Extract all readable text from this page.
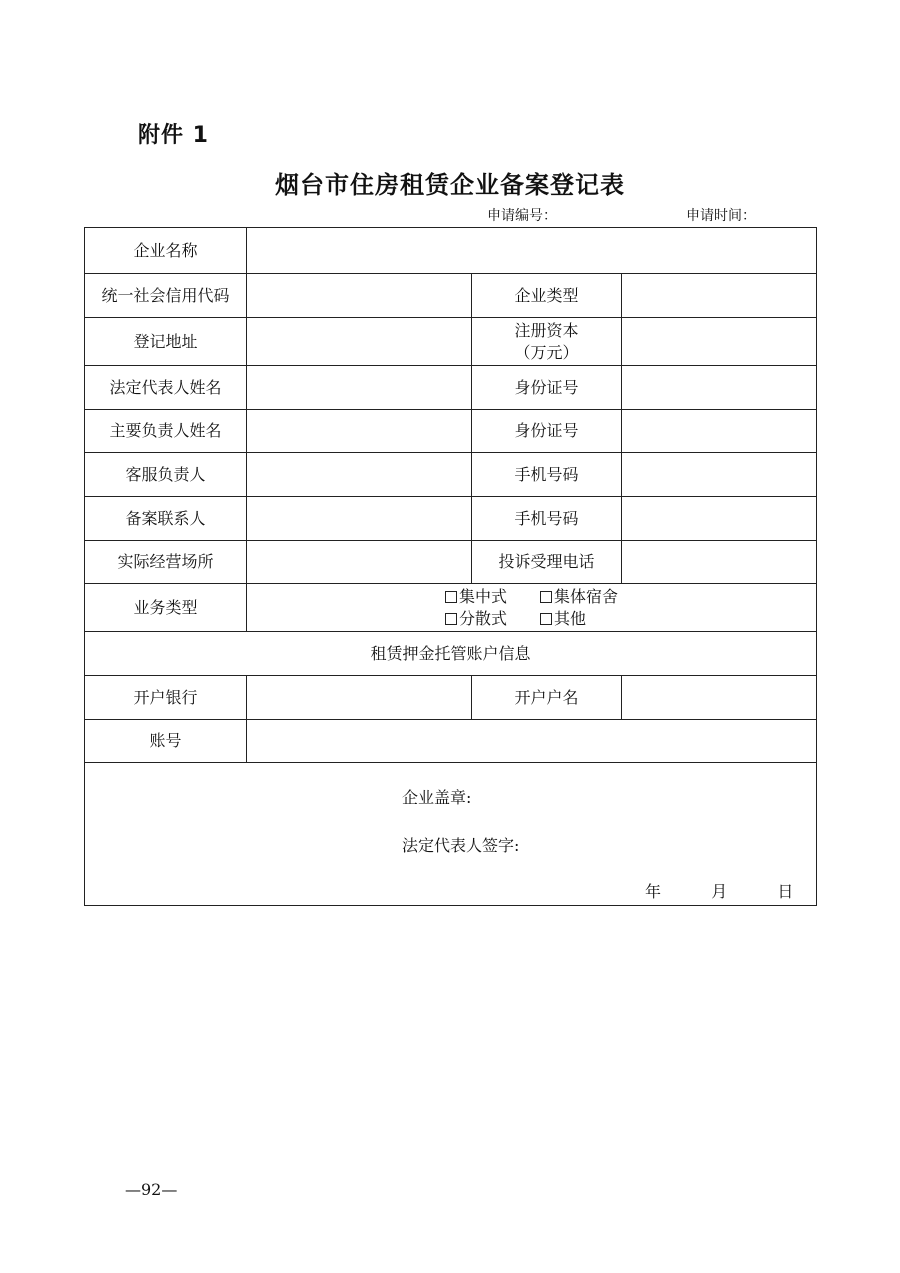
附件 1
烟台市住房租赁企业备案登记表
申请编号：	申请时间：
企业名称			
统一社会信用代码		企业类型	
登记地址		注册资本
（万元）	

法定代表人姓名		身份证号	
主要负责人姓名		身份证号	
客服负责人		手机号码	
备案联系人		手机号码	
实际经营场所		投诉受理电话	
业务类型	集中式 集体宿舍
分散式 其他		

租赁押金托管账户信息			
开户银行		开户户名	
账号			

企业盖章:
法定代表人签字:
年 月 日			
—92—
